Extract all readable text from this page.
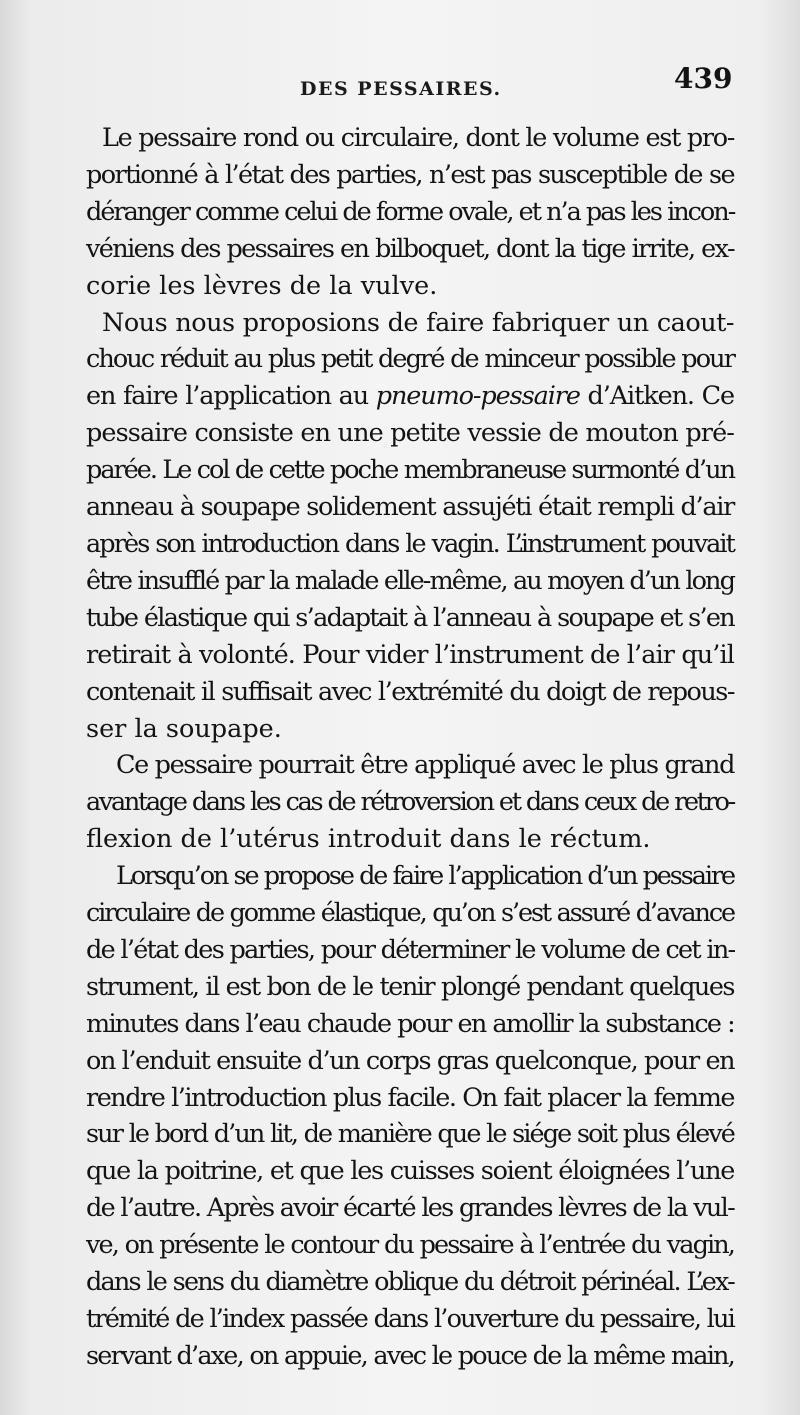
DES PESSAIRES.	439
Le pessaire rond ou circulaire, dont le volume est pro-
portionné à l’état des parties, n’est pas susceptible de se
déranger comme celui de forme ovale, et n’a pas les incon-
véniens des pessaires en bilboquet, dont la tige irrite, ex-
corie les lèvres de la vulve.
Nous nous proposions de faire fabriquer un caout-
chouc réduit au plus petit degré de minceur possible pour
en faire l’application au pneumo-pessaire d’Aitken. Ce
pessaire consiste en une petite vessie de mouton pré-
parée. Le col de cette poche membraneuse surmonté d’un
anneau à soupape solidement assujéti était rempli d’air
après son introduction dans le vagin. L’instrument pouvait
être insufflé par la malade elle-même, au moyen d’un long
tube élastique qui s’adaptait à l’anneau à soupape et s’en
retirait à volonté. Pour vider l’instrument de l’air qu’il
contenait il suffisait avec l’extrémité du doigt de repous-
ser la soupape.
Ce pessaire pourrait être appliqué avec le plus grand
avantage dans les cas de rétroversion et dans ceux de retro-
flexion de l’utérus introduit dans le réctum.
Lorsqu’on se propose de faire l’application d’un pessaire
circulaire de gomme élastique, qu’on s’est assuré d’avance
de l’état des parties, pour déterminer le volume de cet in-
strument, il est bon de le tenir plongé pendant quelques
minutes dans l’eau chaude pour en amollir la substance :
on l’enduit ensuite d’un corps gras quelconque, pour en
rendre l’introduction plus facile. On fait placer la femme
sur le bord d’un lit, de manière que le siége soit plus élevé
que la poitrine, et que les cuisses soient éloignées l’une
de l’autre. Après avoir écarté les grandes lèvres de la vul-
ve, on présente le contour du pessaire à l’entrée du vagin,
dans le sens du diamètre oblique du détroit périnéal. L’ex-
trémité de l’index passée dans l’ouverture du pessaire, lui
servant d’axe, on appuie, avec le pouce de la même main,
